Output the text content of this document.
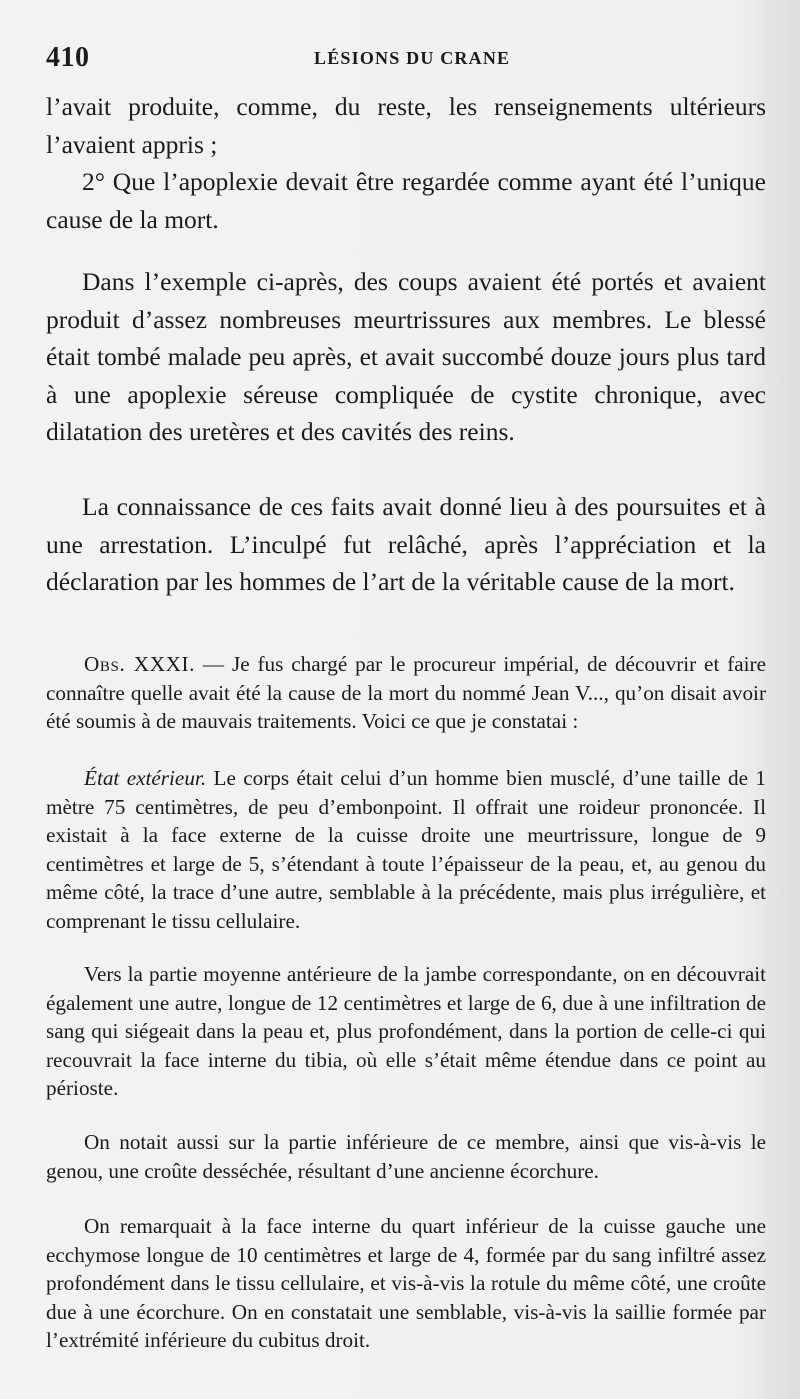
410	LÉSIONS DU CRANE

l’avait produite, comme, du reste, les renseignements ultérieurs l’avaient appris ;

2° Que l’apoplexie devait être regardée comme ayant été l’unique cause de la mort.

Dans l’exemple ci-après, des coups avaient été portés et avaient produit d’assez nombreuses meurtrissures aux membres. Le blessé était tombé malade peu après, et avait succombé douze jours plus tard à une apoplexie séreuse compliquée de cystite chronique, avec dilatation des uretères et des cavités des reins.

La connaissance de ces faits avait donné lieu à des poursuites et à une arrestation. L’inculpé fut relâché, après l’appréciation et la déclaration par les hommes de l’art de la véritable cause de la mort.

Obs. XXXI. — Je fus chargé par le procureur impérial, de découvrir et faire connaître quelle avait été la cause de la mort du nommé Jean V..., qu’on disait avoir été soumis à de mauvais traitements. Voici ce que je constatai :

État extérieur. Le corps était celui d’un homme bien musclé, d’une taille de 1 mètre 75 centimètres, de peu d’embonpoint. Il offrait une roideur prononcée. Il existait à la face externe de la cuisse droite une meurtrissure, longue de 9 centimètres et large de 5, s’étendant à toute l’épaisseur de la peau, et, au genou du même côté, la trace d’une autre, semblable à la précédente, mais plus irrégulière, et comprenant le tissu cellulaire.

Vers la partie moyenne antérieure de la jambe correspondante, on en découvrait également une autre, longue de 12 centimètres et large de 6, due à une infiltration de sang qui siégeait dans la peau et, plus profondément, dans la portion de celle-ci qui recouvrait la face interne du tibia, où elle s’était même étendue dans ce point au périoste.

On notait aussi sur la partie inférieure de ce membre, ainsi que vis-à-vis le genou, une croûte desséchée, résultant d’une ancienne écorchure.

On remarquait à la face interne du quart inférieur de la cuisse gauche une ecchymose longue de 10 centimètres et large de 4, formée par du sang infiltré assez profondément dans le tissu cellulaire, et vis-à-vis la rotule du même côté, une croûte due à une écorchure. On en constatait une semblable, vis-à-vis la saillie formée par l’extrémité inférieure du cubitus droit.
